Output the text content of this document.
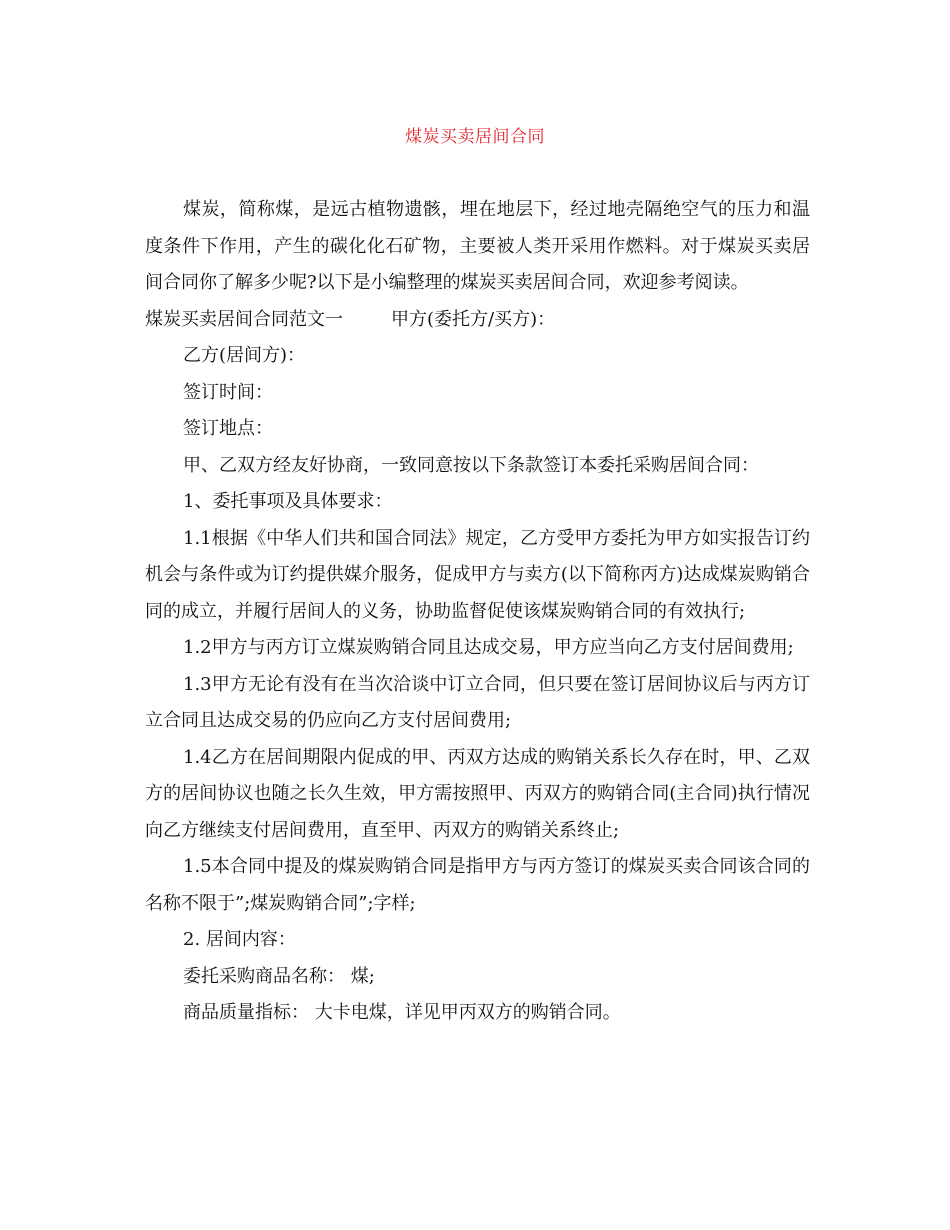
煤炭买卖居间合同

煤炭，简称煤，是远古植物遗骸，埋在地层下，经过地壳隔绝空气的压力和温度条件下作用，产生的碳化化石矿物，主要被人类开采用作燃料。对于煤炭买卖居间合同你了解多少呢?以下是小编整理的煤炭买卖居间合同，欢迎参考阅读。

煤炭买卖居间合同范文一	甲方(委托方/买方)：

乙方(居间方)：

签订时间：

签订地点：

甲、乙双方经友好协商，一致同意按以下条款签订本委托采购居间合同：

1、委托事项及具体要求：

1.1根据《中华人们共和国合同法》规定，乙方受甲方委托为甲方如实报告订约机会与条件或为订约提供媒介服务，促成甲方与卖方(以下简称丙方)达成煤炭购销合同的成立，并履行居间人的义务，协助监督促使该煤炭购销合同的有效执行;

1.2甲方与丙方订立煤炭购销合同且达成交易，甲方应当向乙方支付居间费用;

1.3甲方无论有没有在当次洽谈中订立合同，但只要在签订居间协议后与丙方订立合同且达成交易的仍应向乙方支付居间费用;

1.4乙方在居间期限内促成的甲、丙双方达成的购销关系长久存在时，甲、乙双方的居间协议也随之长久生效，甲方需按照甲、丙双方的购销合同(主合同)执行情况向乙方继续支付居间费用，直至甲、丙双方的购销关系终止;

1.5本合同中提及的煤炭购销合同是指甲方与丙方签订的煤炭买卖合同该合同的名称不限于”;煤炭购销合同”;字样;

2. 居间内容：

委托采购商品名称： 煤;

商品质量指标： 大卡电煤，详见甲丙双方的购销合同。
